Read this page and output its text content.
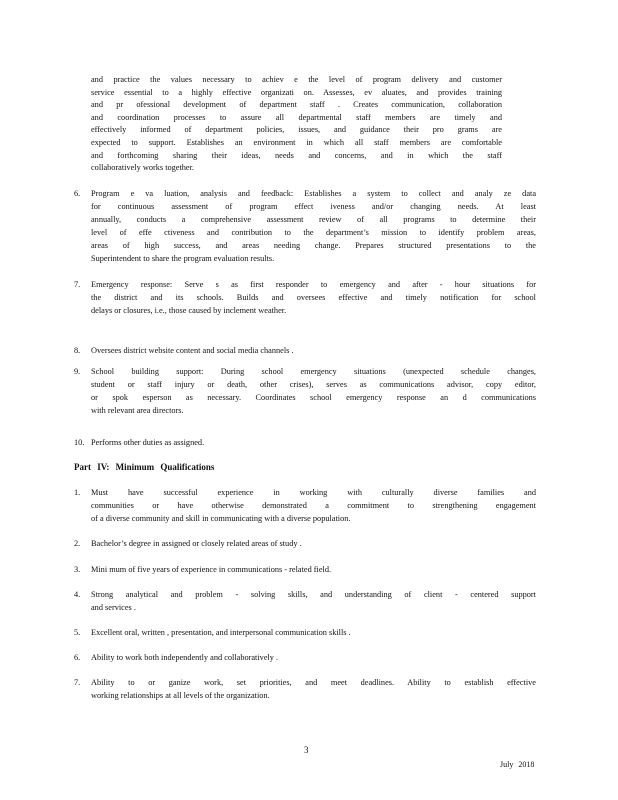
and practice the values necessary to achiev e the level of program delivery and customer
service essential to a highly effective organizati on. Assesses, ev aluates, and provides training
and pr ofessional development of department staff . Creates communication, collaboration
and coordination processes to assure all departmental staff members are timely and
effectively informed of department policies, issues, and guidance their pro grams are
expected to support. Establishes an environment in which all staff members are comfortable
and forthcoming sharing their ideas, needs and concerns, and in which the staff
collaboratively works together.
6. Program e va luation, analysis and feedback: Establishes a system to collect and analy ze data
for continuous assessment of program effect iveness and/or changing needs. At least
annually, conducts a comprehensive assessment review of all programs to determine their
level of effe ctiveness and contribution to the department’s mission to identify problem areas,
areas of high success, and areas needing change. Prepares structured presentations to the
Superintendent to share the program evaluation results.
7. Emergency response: Serve s as first responder to emergency and after - hour situations for
the district and its schools. Builds and oversees effective and timely notification for school
delays or closures, i.e., those caused by inclement weather.
8. Oversees district website content and social media channels .
9. School building support: During school emergency situations (unexpected schedule changes,
student or staff injury or death, other crises), serves as communications advisor, copy editor,
or spok esperson as necessary. Coordinates school emergency response an d communications
with relevant area directors.
10. Performs other duties as assigned.
Part IV: Minimum Qualifications
1. Must have successful experience in working with culturally diverse families and
communities or have otherwise demonstrated a commitment to strengthening engagement
of a diverse community and skill in communicating with a diverse population.
2. Bachelor’s degree in assigned or closely related areas of study .
3. Mini mum of five years of experience in communications - related field.
4. Strong analytical and problem - solving skills, and understanding of client - centered support
and services .
5. Excellent oral, written , presentation, and interpersonal communication skills .
6. Ability to work both independently and collaboratively .
7. Ability to or ganize work, set priorities, and meet deadlines. Ability to establish effective
working relationships at all levels of the organization.
3
July 2018
